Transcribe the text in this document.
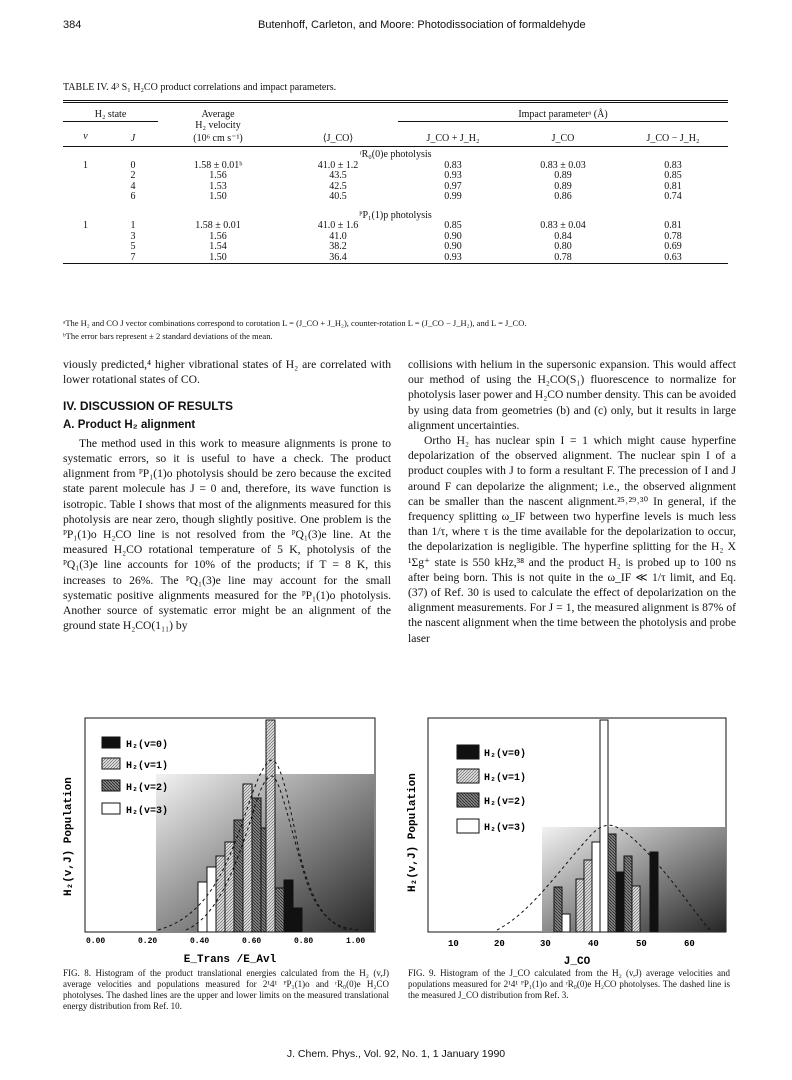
384	Butenhoff, Carleton, and Moore: Photodissociation of formaldehyde
TABLE IV. 4³ S₁ H₂CO product correlations and impact parameters.
H₂ state		Average		Impact parameterᵃ (Å)		
		H₂ velocity				
v	J	(10⁶ cm s⁻¹)	⟨J_CO⟩	J_CO + J_H₂	J_CO	J_CO − J_H₂
ʳR₀(0)e photolysis						
1	0	1.58 ± 0.01ᵇ	41.0 ± 1.2	0.83	0.83 ± 0.03	0.83
	2	1.56	43.5	0.93	0.89	0.85
	4	1.53	42.5	0.97	0.89	0.81
	6	1.50	40.5	0.99	0.86	0.74
ᴾP₁(1)p photolysis						
1	1	1.58 ± 0.01	41.0 ± 1.6	0.85	0.83 ± 0.04	0.81
	3	1.56	41.0	0.90	0.84	0.78
	5	1.54	38.2	0.90	0.80	0.69
	7	1.50	36.4	0.93	0.78	0.63
ᵃThe H₂ and CO J vector combinations correspond to corotation L = (J_CO + J_H₂), counter-rotation L = (J_CO − J_H₂), and L = J_CO.
ᵇThe error bars represent ± 2 standard deviations of the mean.

viously predicted,⁴ higher vibrational states of H₂ are correlated with lower rotational states of CO.

IV. DISCUSSION OF RESULTS
A. Product H₂ alignment

The method used in this work to measure alignments is prone to systematic errors, so it is useful to have a check. The product alignment from ᴾP₁(1)o photolysis should be zero because the excited state parent molecule has J = 0 and, therefore, its wave function is isotropic. Table I shows that most of the alignments measured for this photolysis are near zero, though slightly positive. One problem is the ᴾP₁(1)o H₂CO line is not resolved from the ᴾQ₁(3)e line. At the measured H₂CO rotational temperature of 5 K, photolysis of the ᴾQ₁(3)e line accounts for 10% of the products; if T = 8 K, this increases to 26%. The ᴾQ₁(3)e line may account for the small systematic positive alignments measured for the ᴾP₁(1)o photolysis. Another source of systematic error might be an alignment of the ground state H₂CO(1₁₁) by

collisions with helium in the supersonic expansion. This would affect our method of using the H₂CO(S₁) fluorescence to normalize for photolysis laser power and H₂CO number density. This can be avoided by using data from geometries (b) and (c) only, but it results in large alignment uncertainties.

Ortho H₂ has nuclear spin I = 1 which might cause hyperfine depolarization of the observed alignment. The nuclear spin I of a product couples with J to form a resultant F. The precession of I and J around F can depolarize the alignment; i.e., the observed alignment can be smaller than the nascent alignment.²⁵˒²⁹˒³⁰ In general, if the frequency splitting ω_IF between two hyperfine levels is much less than 1/τ, where τ is the time available for the depolarization to occur, the depolarization is negligible. The hyperfine splitting for the H₂ X ¹Σg⁺ state is 550 kHz,³⁸ and the product H₂ is probed up to 100 ns after being born. This is not quite in the ω_IF ≪ 1/τ limit, and Eq. (37) of Ref. 30 is used to calculate the effect of depolarization on the alignment measurements. For J = 1, the measured alignment is 87% of the nascent alignment when the time between the photolysis and probe laser

H₂(v=0)
H₂(v=1)
H₂(v=2)
H₂(v=3)
H₂(v,J) Population
0.00	0.20	0.40	0.60	0.80	1.00
E_Trans /E_Avl
H₂(v=0)
H₂(v=1)
H₂(v=2)
H₂(v=3)
H₂(v,J) Population
10	20	30	40	50	60
J_CO
FIG. 8. Histogram of the product translational energies calculated from the H₂ (v,J) average velocities and populations measured for 2¹4¹ ᴾP₁(1)o and ʳR₀(0)e H₂CO photolyses. The dashed lines are the upper and lower limits on the measured translational energy distribution from Ref. 10.
FIG. 9. Histogram of the J_CO calculated from the H₂ (v,J) average velocities and populations measured for 2¹4¹ ᴾP₁(1)o and ʳR₀(0)e H₂CO photolyses. The dashed line is the measured J_CO distribution from Ref. 3.
J. Chem. Phys., Vol. 92, No. 1, 1 January 1990
